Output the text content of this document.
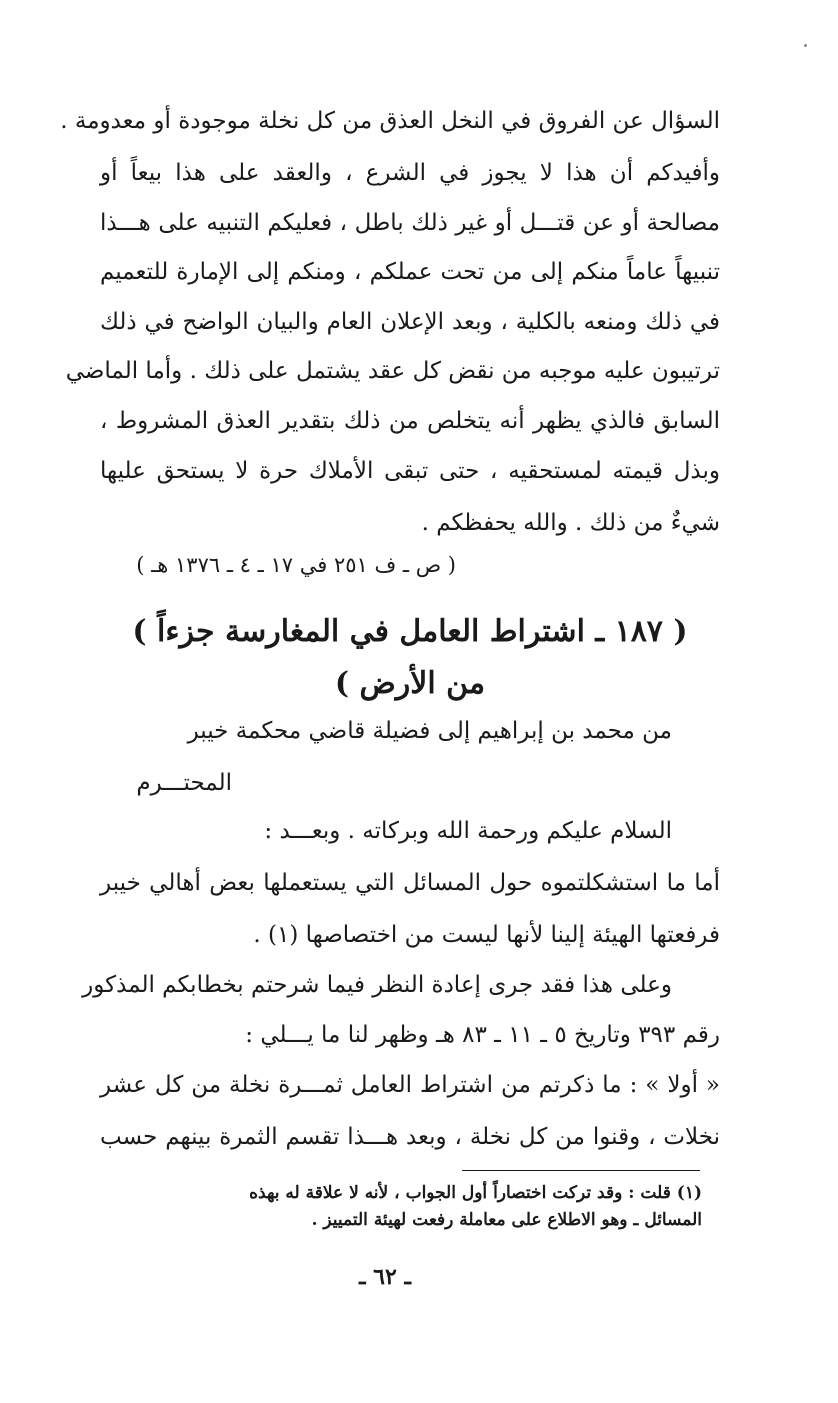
السؤال عن الفروق في النخل العذق من كل نخلة موجودة أو معدومة .
وأفيدكم أن هذا لا يجوز في الشرع ، والعقد على هذا بيعاً أو
مصالحة أو عن قتـــل أو غير ذلك باطل ، فعليكم التنبيه على هـــذا
تنبيهاً عاماً منكم إلى من تحت عملكم ، ومنكم إلى الإمارة للتعميم
في ذلك ومنعه بالكلية ، وبعد الإعلان العام والبيان الواضح في ذلك
ترتيبون عليه موجبه من نقض كل عقد يشتمل على ذلك . وأما الماضي
السابق فالذي يظهر أنه يتخلص من ذلك بتقدير العذق المشروط ،
وبذل قيمته لمستحقيه ، حتى تبقى الأملاك حرة لا يستحق عليها
شيءٌ من ذلك . والله يحفظكم .
( ص ـ ف ٢٥١ في ١٧ ـ ٤ ـ ١٣٧٦ هـ )
( ١٨٧ ـ اشتراط العامل في المغارسة جزءاً )
من الأرض )
من محمد بن إبراهيم إلى فضيلة قاضي محكمة خيبر
المحتـــرم
السلام عليكم ورحمة الله وبركاته . وبعـــد :
أما ما استشكلتموه حول المسائل التي يستعملها بعض أهالي خيبر
فرفعتها الهيئة إلينا لأنها ليست من اختصاصها (١) .
وعلى هذا فقد جرى إعادة النظر فيما شرحتم بخطابكم المذكور
رقم ٣٩٣ وتاريخ ٥ ـ ١١ ـ ٨٣ هـ وظهر لنا ما يـــلي :
« أولا » : ما ذكرتم من اشتراط العامل ثمـــرة نخلة من كل عشر
نخلات ، وقنوا من كل نخلة ، وبعد هـــذا تقسم الثمرة بينهم حسب
(١) قلت : وقد تركت اختصاراً أول الجواب ، لأنه لا علاقة له بهذه
المسائل ـ وهو الاطلاع على معاملة رفعت لهيئة التمييز .
ـ ٦٢ ـ
